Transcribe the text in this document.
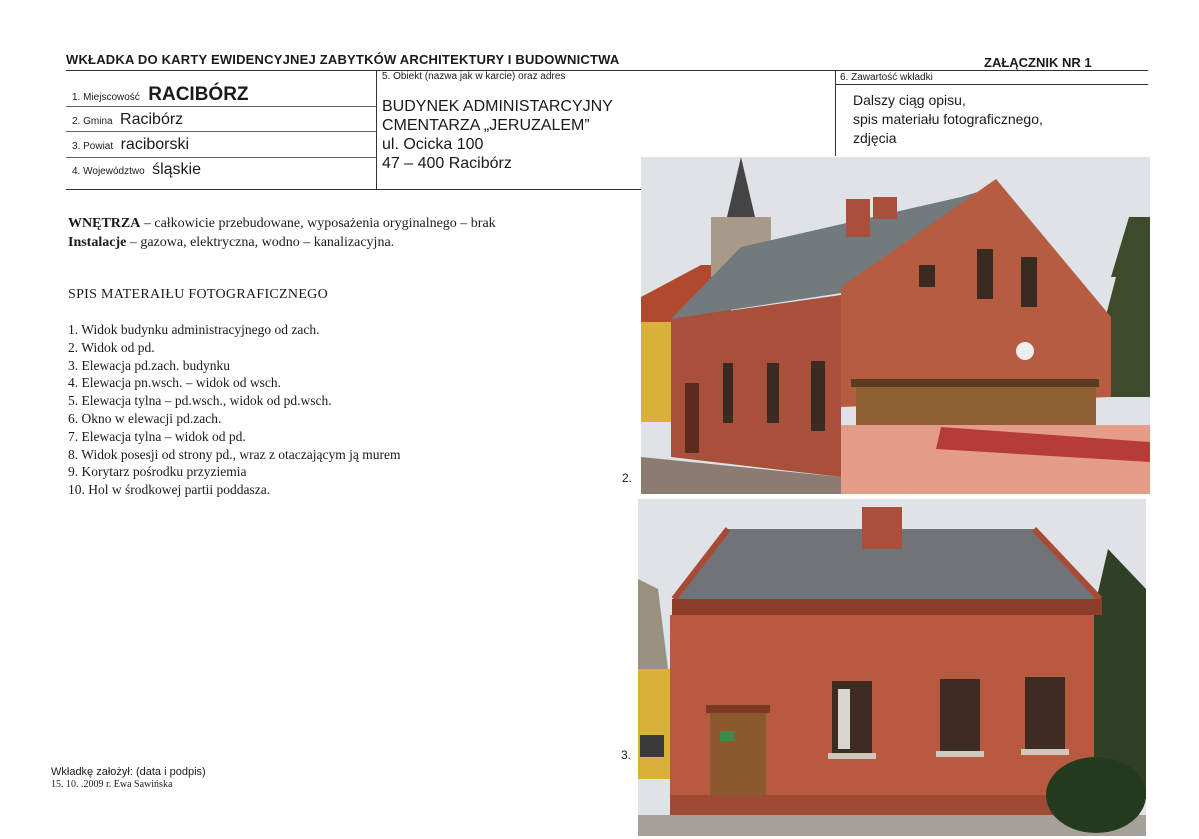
WKŁADKA DO KARTY EWIDENCYJNEJ ZABYTKÓW ARCHITEKTURY I BUDOWNICTWA	ZAŁĄCZNIK NR 1
1. Miejscowość RACIBÓRZ
2. Gmina Racibórz
3. Powiat raciborski
4. Województwo śląskie
5. Obiekt (nazwa jak w karcie) oraz adres
BUDYNEK ADMINISTARCYJNY
CMENTARZA „JERUZALEM”
ul. Ocicka 100
47 – 400 Racibórz
6. Zawartość wkładki
Dalszy ciąg opisu,
spis materiału fotograficznego,
zdjęcia
WNĘTRZA – całkowicie przebudowane, wyposażenia oryginalnego – brak
Instalacje – gazowa, elektryczna, wodno – kanalizacyjna.
SPIS MATERAIŁU FOTOGRAFICZNEGO
1. Widok budynku administracyjnego od zach.
2. Widok od pd.
3. Elewacja pd.zach. budynku
4. Elewacja pn.wsch. – widok od wsch.
5. Elewacja tylna – pd.wsch., widok od pd.wsch.
6. Okno w elewacji pd.zach.
7. Elewacja tylna – widok od pd.
8. Widok posesji od strony pd., wraz z otaczającym ją murem
9. Korytarz pośrodku przyziemia
10. Hol w środkowej partii poddasza.
Wkładkę założył: (data i podpis)
15. 10. .2009 r. Ewa Sawińska
2.
3.
